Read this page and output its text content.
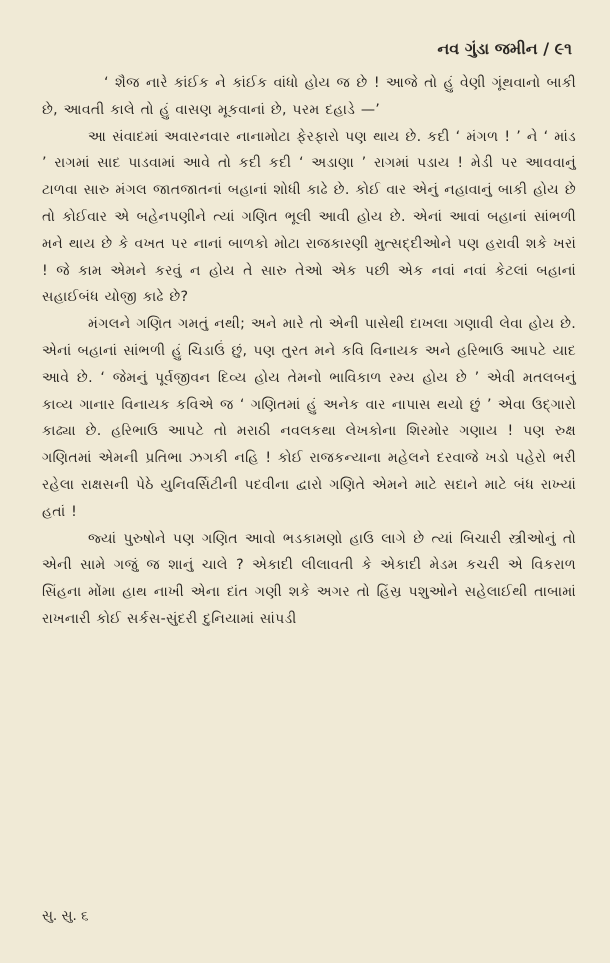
નવ ગુંડા જમીન / ૯૧

‘ શૈજ નારે કાંઈક ને કાંઈક વાંધો હોય જ છે ! આજે તો હું વેણી ગૂંથવાનો બાકી છે, આવતી કાલે તો હું વાસણ મૂકવાનાં છે, પરમ દહાડે —’

આ સંવાદમાં અવારનવાર નાનામોટા ફેરફારો પણ થાય છે. કદી ‘ મંગળ ! ’ ને ‘ માંડ ’ રાગમાં સાદ પાડવામાં આવે તો કદી કદી ‘ અડાણા ’ રાગમાં પડાય ! મેડી પર આવવાનું ટાળવા સારુ મંગલ જાતજાતનાં બહાનાં શોધી કાઢે છે. કોઈ વાર એનું નહાવાનું બાકી હોય છે તો કોઈવાર એ બહેનપણીને ત્યાં ગણિત ભૂલી આવી હોય છે. એનાં આવાં બહાનાં સાંભળી મને થાય છે કે વખત પર નાનાં બાળકો મોટા રાજકારણી મુત્સદ્દીઓને પણ હરાવી શકે ખરાં ! જે કામ એમને કરવું ન હોય તે સારુ તેઓ એક પછી એક નવાં નવાં કેટલાં બહાનાં સહાઈબંધ યોજી કાઢે છે?

મંગલને ગણિત ગમતું નથી; અને મારે તો એની પાસેથી દાખલા ગણાવી લેવા હોય છે. એનાં બહાનાં સાંભળી હું ચિડાઉં છું, પણ તુરત મને કવિ વિનાયક અને હરિભાઉ આપટે યાદ આવે છે. ‘ જેમનું પૂર્વજીવન દિવ્ય હોય તેમનો ભાવિકાળ રમ્ય હોય છે ’ એવી મતલબનું કાવ્ય ગાનાર વિનાયક કવિએ જ ‘ ગણિતમાં હું અનેક વાર નાપાસ થયો છું ’ એવા ઉદ્‌ગારો કાઢ્યા છે. હરિભાઉ આપટે તો મરાઠી નવલકથા લેખકોના શિરમોર ગણાય ! પણ રુક્ષ ગણિતમાં એમની પ્રતિભા ઝગકી નહિ ! કોઈ રાજકન્યાના મહેલને દરવાજે ખડો પહેરો ભરી રહેલા રાક્ષસની પેઠે યુનિવર્સિટીની પદવીના દ્વારો ગણિતે એમને માટે સદાને માટે બંધ રાખ્યાં હતાં !

જ્યાં પુરુષોને પણ ગણિત આવો ભડકામણો હાઉ લાગે છે ત્યાં બિચારી સ્ત્રીઓનું તો એની સામે ગજું જ શાનું ચાલે ? એકાદી લીલાવતી કે એકાદી મેડમ કચરી એ વિકરાળ સિંહના મોંમા હાથ નાખી એના દાંત ગણી શકે અગર તો હિંસ્ર પશુઓને સહેલાઈથી તાબામાં રાખનારી કોઈ સર્કસ-સુંદરી દુનિયામાં સાંપડી

સુ. સુ. ૬
